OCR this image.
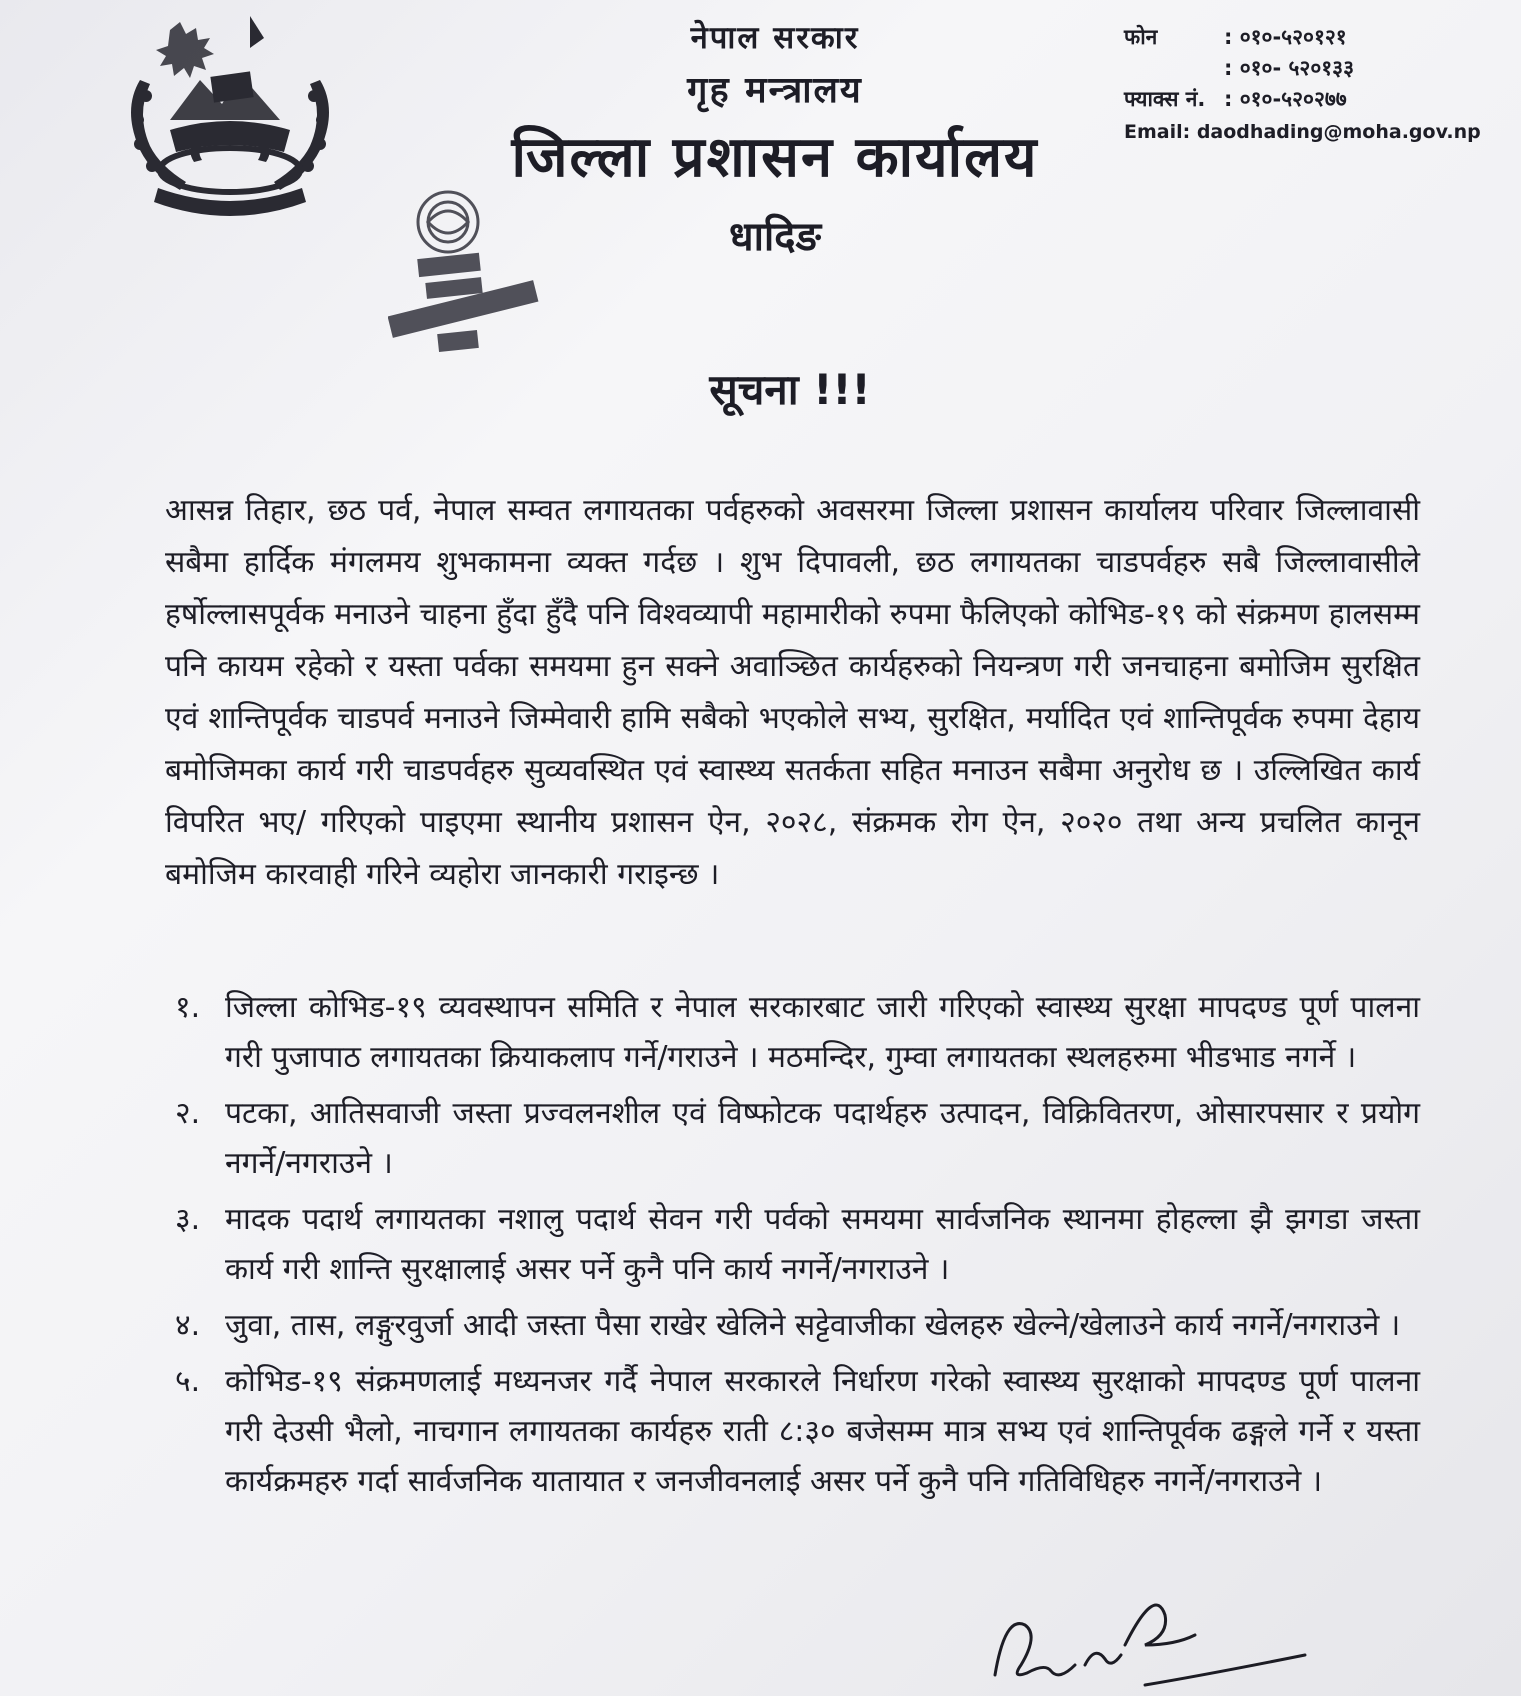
नेपाल सरकार
गृह मन्त्रालय
जिल्ला प्रशासन कार्यालय
धादिङ
फोन	: ०१०-५२०१२१
: ०१०- ५२०१३३
फ्याक्स नं. : ०१०-५२०२७७
Email: daodhading@moha.gov.np
सूचना !!!
आसन्न तिहार, छठ पर्व, नेपाल सम्वत लगायतका पर्वहरुको अवसरमा जिल्ला प्रशासन कार्यालय परिवार जिल्लावासी सबैमा हार्दिक मंगलमय शुभकामना व्यक्त गर्दछ । शुभ दिपावली, छठ लगायतका चाडपर्वहरु सबै जिल्लावासीले हर्षोल्लासपूर्वक मनाउने चाहना हुँदा हुँदै पनि विश्वव्यापी महामारीको रुपमा फैलिएको कोभिड-१९ को संक्रमण हालसम्म पनि कायम रहेको र यस्ता पर्वका समयमा हुन सक्ने अवाञ्छित कार्यहरुको नियन्त्रण गरी जनचाहना बमोजिम सुरक्षित एवं शान्तिपूर्वक चाडपर्व मनाउने जिम्मेवारी हामि सबैको भएकोले सभ्य, सुरक्षित, मर्यादित एवं शान्तिपूर्वक रुपमा देहाय बमोजिमका कार्य गरी चाडपर्वहरु सुव्यवस्थित एवं स्वास्थ्य सतर्कता सहित मनाउन सबैमा अनुरोध छ । उल्लिखित कार्य विपरित भए/ गरिएको पाइएमा स्थानीय प्रशासन ऐन, २०२८, संक्रमक रोग ऐन, २०२० तथा अन्य प्रचलित कानून बमोजिम कारवाही गरिने व्यहोरा जानकारी गराइन्छ ।
१. जिल्ला कोभिड-१९ व्यवस्थापन समिति र नेपाल सरकारबाट जारी गरिएको स्वास्थ्य सुरक्षा मापदण्ड पूर्ण पालना गरी पुजापाठ लगायतका क्रियाकलाप गर्ने/गराउने । मठमन्दिर, गुम्वा लगायतका स्थलहरुमा भीडभाड नगर्ने ।
२. पटका, आतिसवाजी जस्ता प्रज्वलनशील एवं विष्फोटक पदार्थहरु उत्पादन, विक्रिवितरण, ओसारपसार र प्रयोग नगर्ने/नगराउने ।
३. मादक पदार्थ लगायतका नशालु पदार्थ सेवन गरी पर्वको समयमा सार्वजनिक स्थानमा होहल्ला झै झगडा जस्ता कार्य गरी शान्ति सुरक्षालाई असर पर्ने कुनै पनि कार्य नगर्ने/नगराउने ।
४. जुवा, तास, लङ्गुरवुर्जा आदी जस्ता पैसा राखेर खेलिने सट्टेवाजीका खेलहरु खेल्ने/खेलाउने कार्य नगर्ने/नगराउने ।
५. कोभिड-१९ संक्रमणलाई मध्यनजर गर्दै नेपाल सरकारले निर्धारण गरेको स्वास्थ्य सुरक्षाको मापदण्ड पूर्ण पालना गरी देउसी भैलो, नाचगान लगायतका कार्यहरु राती ८:३० बजेसम्म मात्र सभ्य एवं शान्तिपूर्वक ढङ्गले गर्ने र यस्ता कार्यक्रमहरु गर्दा सार्वजनिक यातायात र जनजीवनलाई असर पर्ने कुनै पनि गतिविधिहरु नगर्ने/नगराउने ।
